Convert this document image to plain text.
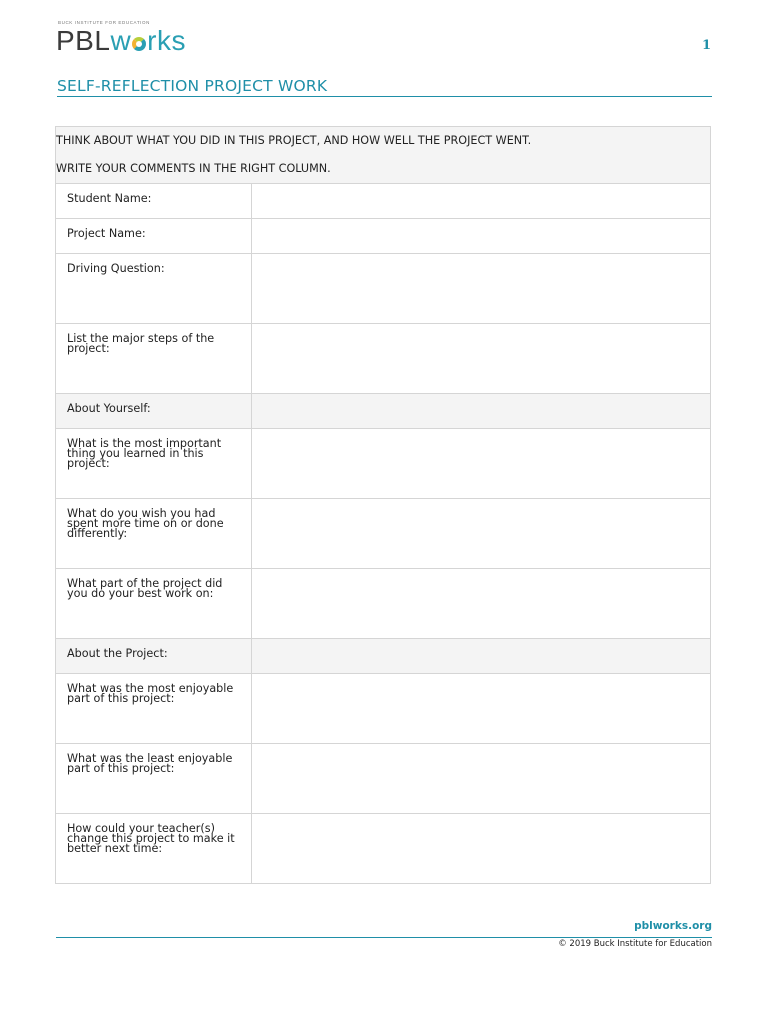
BUCK INSTITUTE FOR EDUCATION
PBLw rks	1
SELF-REFLECTION PROJECT WORK
THINK ABOUT WHAT YOU DID IN THIS PROJECT, AND HOW WELL THE PROJECT WENT.
WRITE YOUR COMMENTS IN THE RIGHT COLUMN.	

Student Name:	
Project Name:	
Driving Question:	
List the major steps of the project:	
About Yourself:	
What is the most important thing you learned in this project:	
What do you wish you had spent more time on or done differently:	
What part of the project did you do your best work on:	
About the Project:	
What was the most enjoyable part of this project:	
What was the least enjoyable part of this project:	
How could your teacher(s) change this project to make it better next time:	
pblworks.org
© 2019 Buck Institute for Education
